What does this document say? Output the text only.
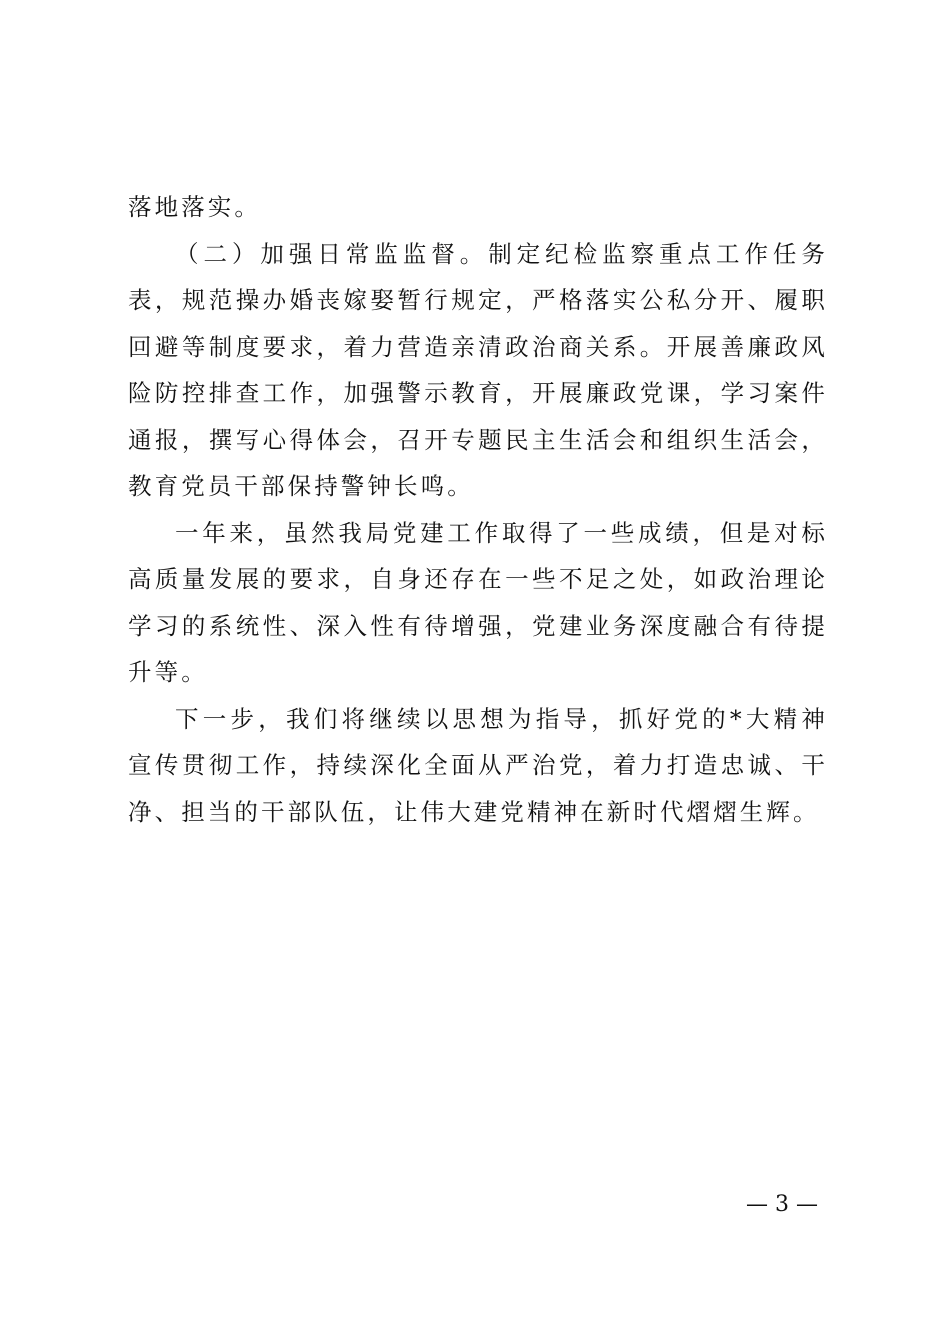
落地落实。

（二）加强日常监监督。制定纪检监察重点工作任务表，规范操办婚丧嫁娶暂行规定，严格落实公私分开、履职回避等制度要求，着力营造亲清政治商关系。开展善廉政风险防控排查工作，加强警示教育，开展廉政党课，学习案件通报，撰写心得体会，召开专题民主生活会和组织生活会，教育党员干部保持警钟长鸣。

一年来，虽然我局党建工作取得了一些成绩，但是对标高质量发展的要求，自身还存在一些不足之处，如政治理论学习的系统性、深入性有待增强，党建业务深度融合有待提升等。

下一步，我们将继续以思想为指导，抓好党的*大精神宣传贯彻工作，持续深化全面从严治党，着力打造忠诚、干净、担当的干部队伍，让伟大建党精神在新时代熠熠生辉。

— 3 —
